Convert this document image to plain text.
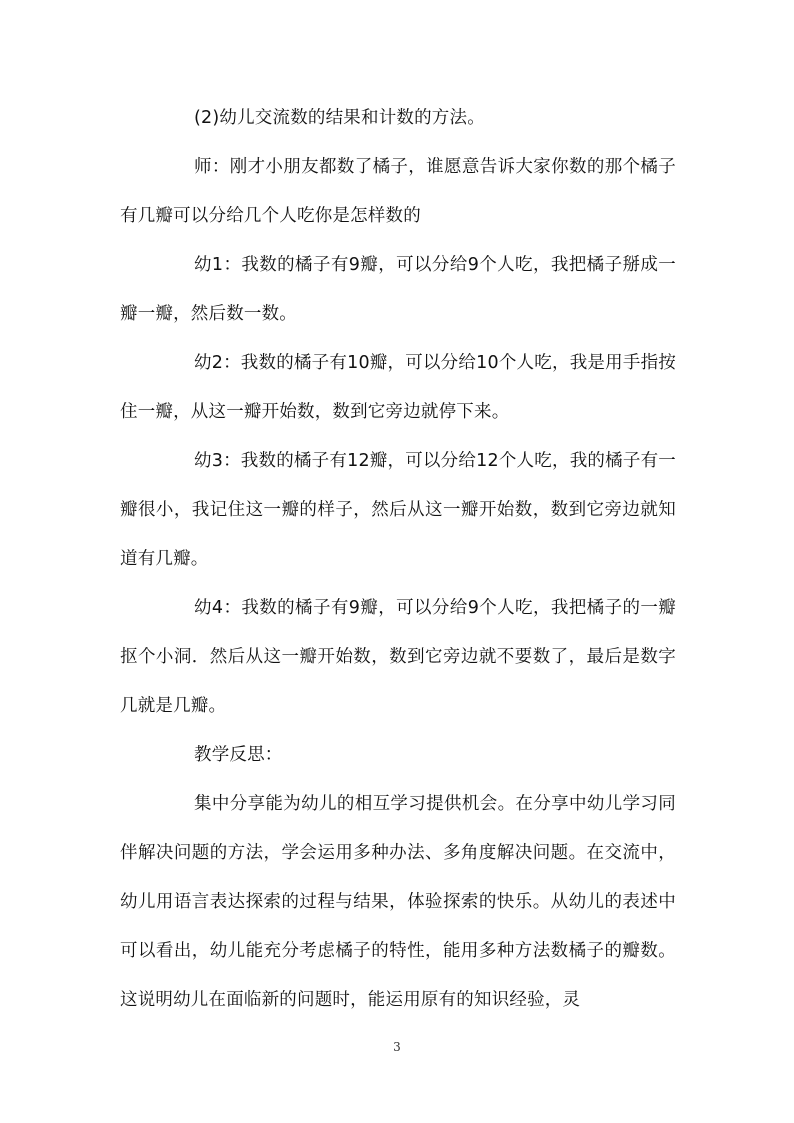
(2)幼儿交流数的结果和计数的方法。

师：刚才小朋友都数了橘子，谁愿意告诉大家你数的那个橘子有几瓣可以分给几个人吃你是怎样数的

幼1：我数的橘子有9瓣，可以分给9个人吃，我把橘子掰成一瓣一瓣，然后数一数。

幼2：我数的橘子有10瓣，可以分给10个人吃，我是用手指按住一瓣，从这一瓣开始数，数到它旁边就停下来。

幼3：我数的橘子有12瓣，可以分给12个人吃，我的橘子有一瓣很小，我记住这一瓣的样子，然后从这一瓣开始数，数到它旁边就知道有几瓣。

幼4：我数的橘子有9瓣，可以分给9个人吃，我把橘子的一瓣抠个小洞．然后从这一瓣开始数，数到它旁边就不要数了，最后是数字几就是几瓣。

教学反思：

集中分享能为幼儿的相互学习提供机会。在分享中幼儿学习同伴解决问题的方法，学会运用多种办法、多角度解决问题。在交流中，幼儿用语言表达探索的过程与结果，体验探索的快乐。从幼儿的表述中可以看出，幼儿能充分考虑橘子的特性，能用多种方法数橘子的瓣数。这说明幼儿在面临新的问题时，能运用原有的知识经验，灵

3
